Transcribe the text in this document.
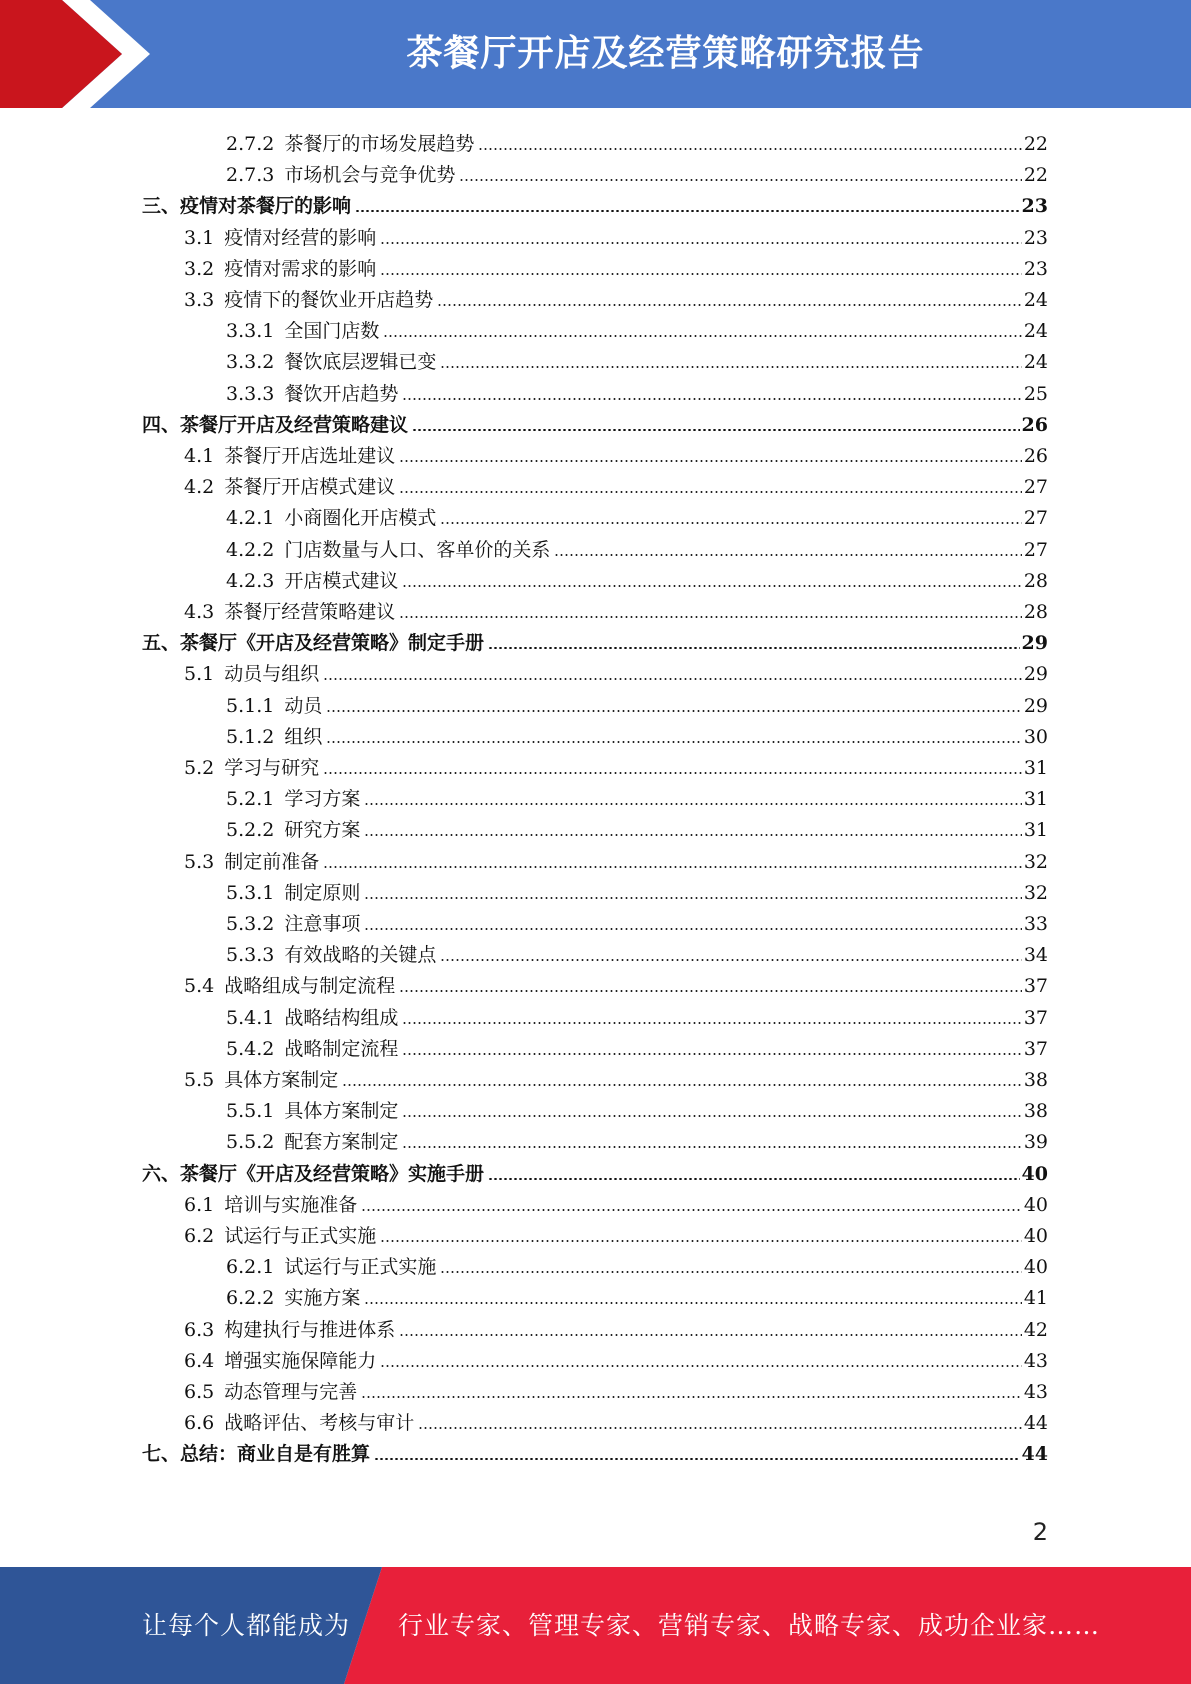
茶餐厅开店及经营策略研究报告
2.7.2 茶餐厅的市场发展趋势	22
2.7.3 市场机会与竞争优势	22
三、 疫情对茶餐厅的影响	23
3.1 疫情对经营的影响	23
3.2 疫情对需求的影响	23
3.3 疫情下的餐饮业开店趋势	24
3.3.1 全国门店数	24
3.3.2 餐饮底层逻辑已变	24
3.3.3 餐饮开店趋势	25
四、 茶餐厅开店及经营策略建议	26
4.1 茶餐厅开店选址建议	26
4.2 茶餐厅开店模式建议	27
4.2.1 小商圈化开店模式	27
4.2.2 门店数量与人口、客单价的关系	27
4.2.3 开店模式建议	28
4.3 茶餐厅经营策略建议	28
五、 茶餐厅《开店及经营策略》制定手册	29
5.1 动员与组织	29
5.1.1 动员	29
5.1.2 组织	30
5.2 学习与研究	31
5.2.1 学习方案	31
5.2.2 研究方案	31
5.3 制定前准备	32
5.3.1 制定原则	32
5.3.2 注意事项	33
5.3.3 有效战略的关键点	34
5.4 战略组成与制定流程	37
5.4.1 战略结构组成	37
5.4.2 战略制定流程	37
5.5 具体方案制定	38
5.5.1 具体方案制定	38
5.5.2 配套方案制定	39
六、 茶餐厅《开店及经营策略》实施手册	40
6.1 培训与实施准备	40
6.2 试运行与正式实施	40
6.2.1 试运行与正式实施	40
6.2.2 实施方案	41
6.3 构建执行与推进体系	42
6.4 增强实施保障能力	43
6.5 动态管理与完善	43
6.6 战略评估、考核与审计	44
七、 总结：商业自是有胜算	44
2
让每个人都能成为 行业专家、管理专家、营销专家、战略专家、成功企业家……
